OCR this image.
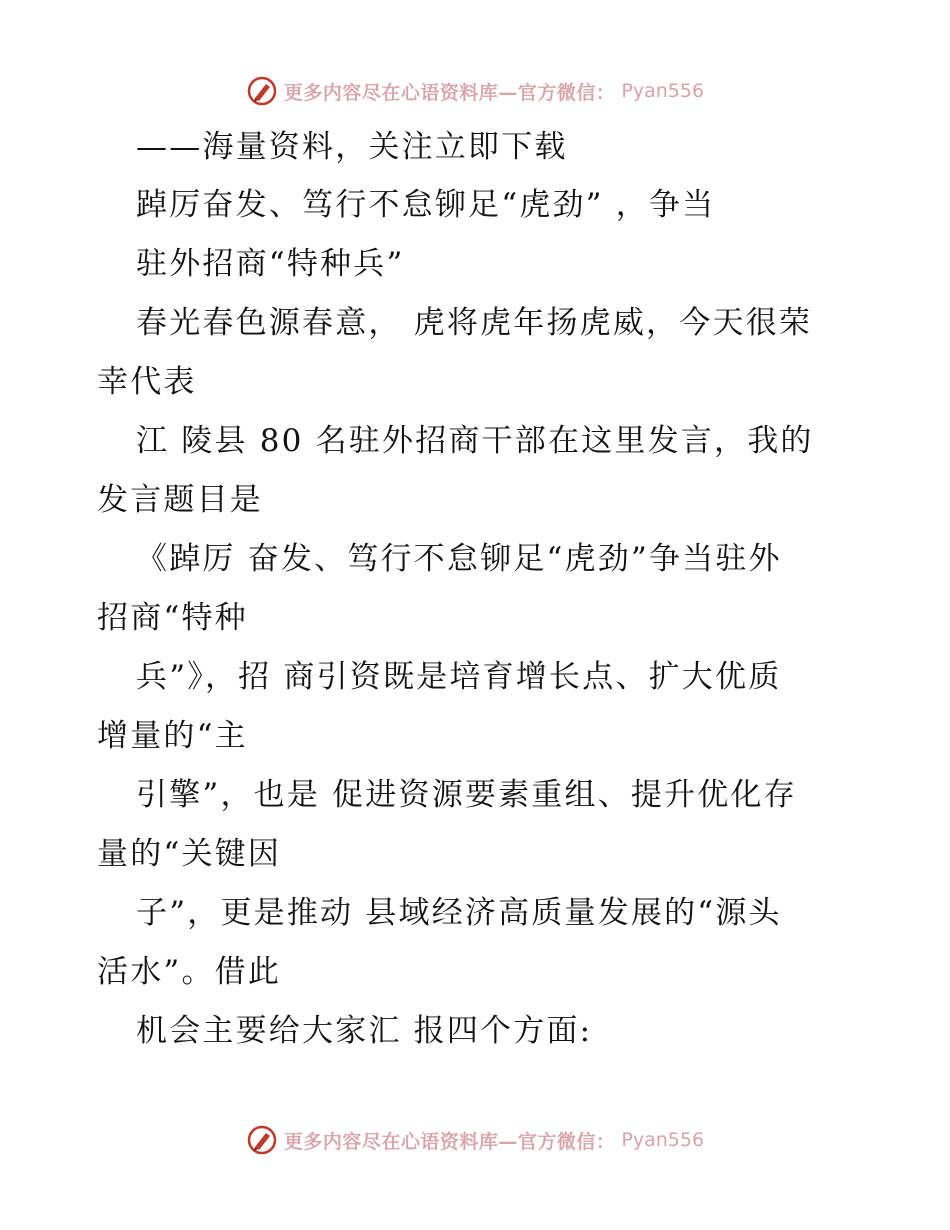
更多内容尽在心语资料库—官方微信： Pyan556
——海量资料，关注立即下载
踔厉奋发、笃行不怠铆足“虎劲” ，争当
驻外招商“特种兵”
春光春色源春意， 虎将虎年扬虎威，今天很荣
幸代表
江 陵县 80 名驻外招商干部在这里发言，我的
发言题目是
《踔厉 奋发、笃行不怠铆足“虎劲”争当驻外
招商“特种
兵”》，招 商引资既是培育增长点、扩大优质
增量的“主
引擎”，也是 促进资源要素重组、提升优化存
量的“关键因
子”，更是推动 县域经济高质量发展的“源头
活水”。借此
机会主要给大家汇 报四个方面:
更多内容尽在心语资料库—官方微信： Pyan556
